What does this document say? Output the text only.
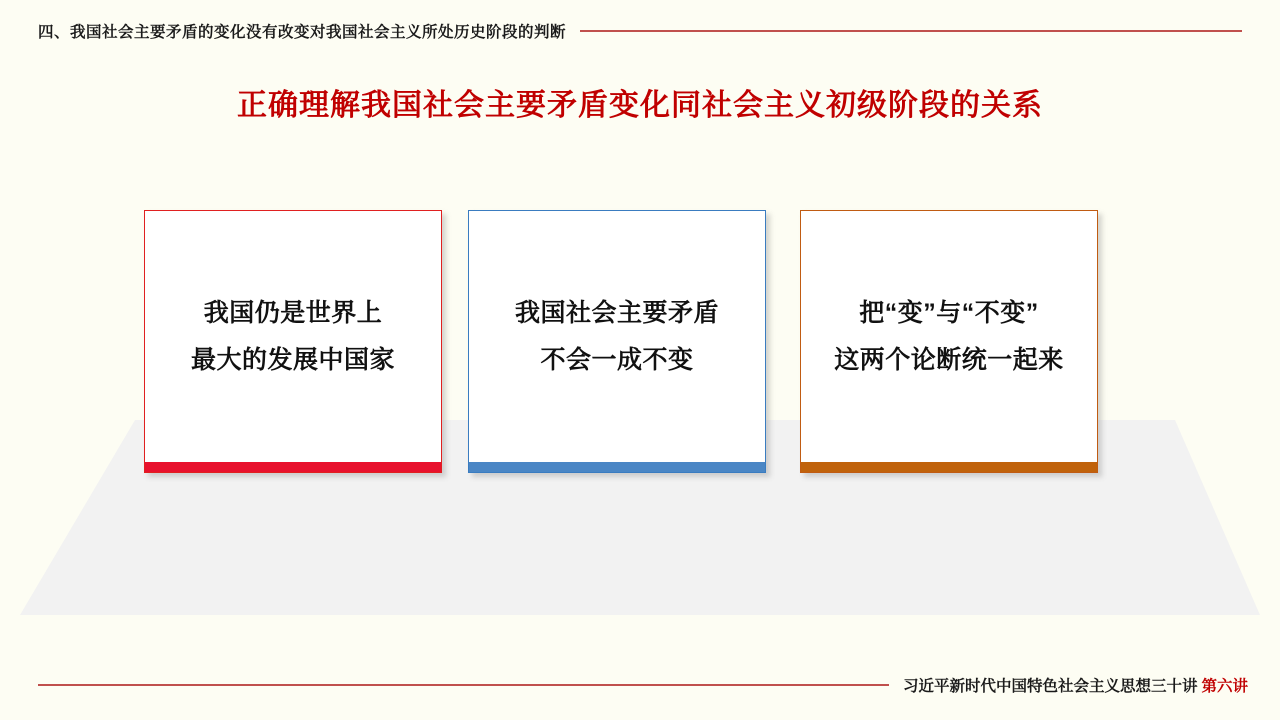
四、我国社会主要矛盾的变化没有改变对我国社会主义所处历史阶段的判断
正确理解我国社会主要矛盾变化同社会主义初级阶段的关系
我国仍是世界上
最大的发展中国家
我国社会主要矛盾
不会一成不变
把“变”与“不变”
这两个论断统一起来
习近平新时代中国特色社会主义思想三十讲 第六讲
